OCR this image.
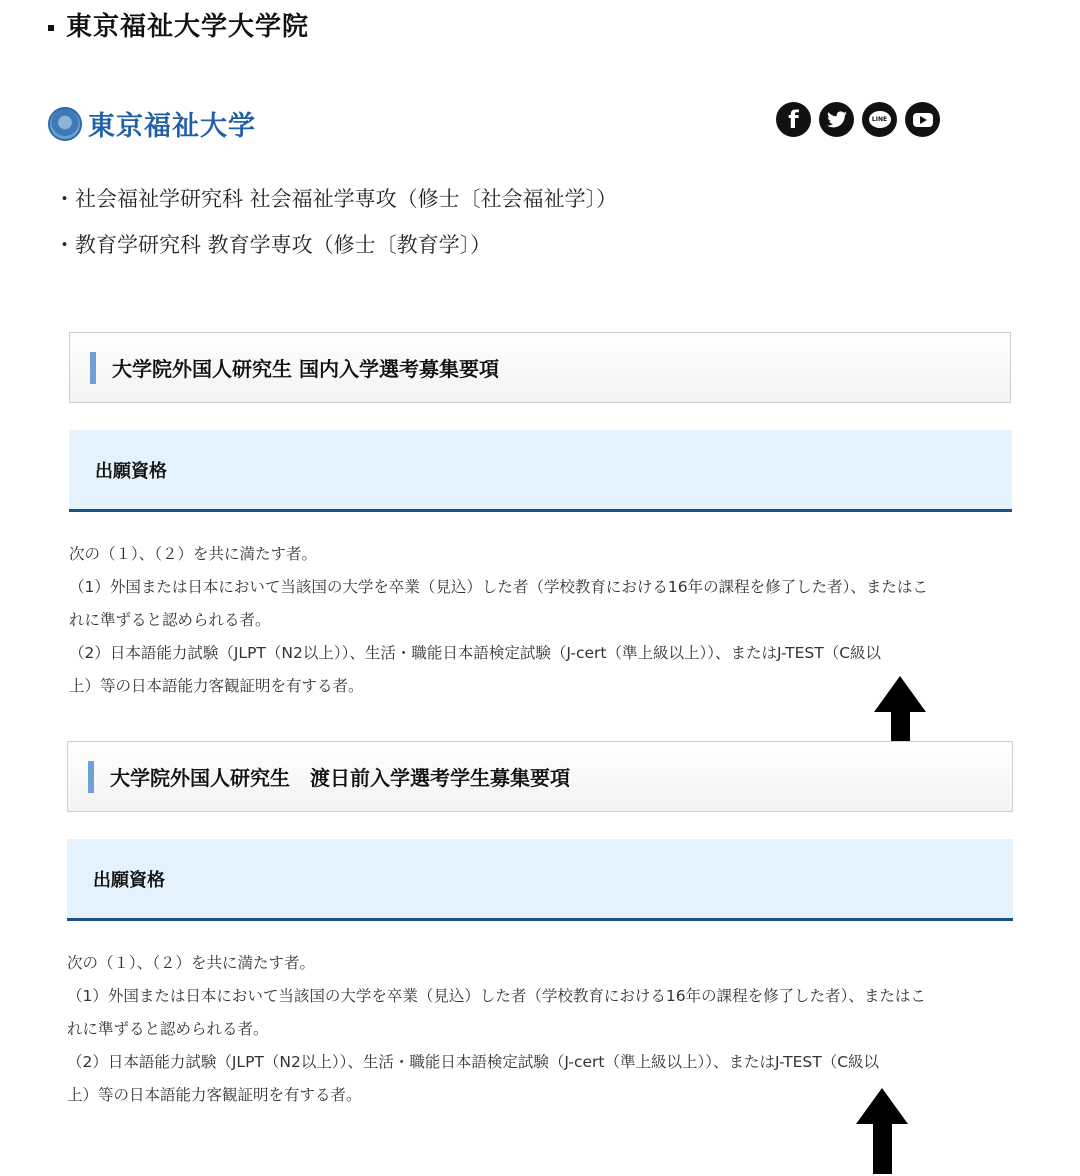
東京福祉大学大学院
東京福祉大学	f	LINE
・社会福祉学研究科 社会福祉学専攻（修士〔社会福祉学〕）
・教育学研究科 教育学専攻（修士〔教育学〕）
大学院外国人研究生 国内入学選考募集要項
出願資格
次の（１）、（２）を共に満たす者。
（1）外国または日本において当該国の大学を卒業（見込）した者（学校教育における16年の課程を修了した者）、またはこ
れに準ずると認められる者。
（2）日本語能力試験（JLPT（N2以上））、生活・職能日本語検定試験（J-cert（準上級以上））、またはJ-TEST（C級以
上）等の日本語能力客観証明を有する者。
大学院外国人研究生　渡日前入学選考学生募集要項
出願資格
次の（１）、（２）を共に満たす者。
（1）外国または日本において当該国の大学を卒業（見込）した者（学校教育における16年の課程を修了した者）、またはこ
れに準ずると認められる者。
（2）日本語能力試験（JLPT（N2以上））、生活・職能日本語検定試験（J-cert（準上級以上））、またはJ-TEST（C級以
上）等の日本語能力客観証明を有する者。
